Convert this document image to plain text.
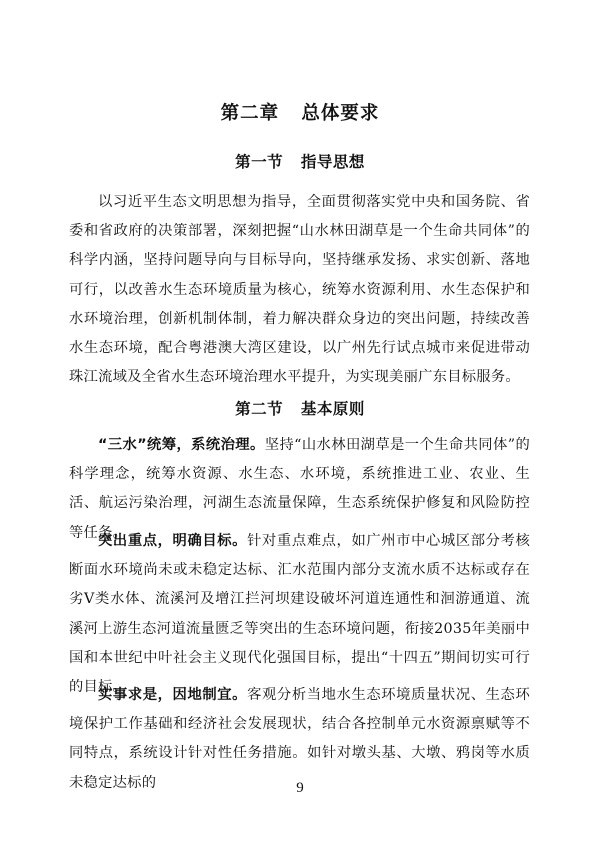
第二章   总体要求
第一节   指导思想

以习近平生态文明思想为指导，全面贯彻落实党中央和国务院、省委和省政府的决策部署，深刻把握“山水林田湖草是一个生命共同体”的科学内涵，坚持问题导向与目标导向，坚持继承发扬、求实创新、落地可行，以改善水生态环境质量为核心，统筹水资源利用、水生态保护和水环境治理，创新机制体制，着力解决群众身边的突出问题，持续改善水生态环境，配合粤港澳大湾区建设，以广州先行试点城市来促进带动珠江流域及全省水生态环境治理水平提升，为实现美丽广东目标服务。

第二节   基本原则

“三水”统筹，系统治理。坚持“山水林田湖草是一个生命共同体”的科学理念，统筹水资源、水生态、水环境，系统推进工业、农业、生活、航运污染治理，河湖生态流量保障，生态系统保护修复和风险防控等任务。

突出重点，明确目标。针对重点难点，如广州市中心城区部分考核断面水环境尚未或未稳定达标、汇水范围内部分支流水质不达标或存在劣Ⅴ类水体、流溪河及增江拦河坝建设破坏河道连通性和洄游通道、流溪河上游生态河道流量匮乏等突出的生态环境问题，衔接2035年美丽中国和本世纪中叶社会主义现代化强国目标，提出“十四五”期间切实可行的目标。

实事求是，因地制宜。客观分析当地水生态环境质量状况、生态环境保护工作基础和经济社会发展现状，结合各控制单元水资源禀赋等不同特点，系统设计针对性任务措施。如针对墩头基、大墩、鸦岗等水质未稳定达标的	9
